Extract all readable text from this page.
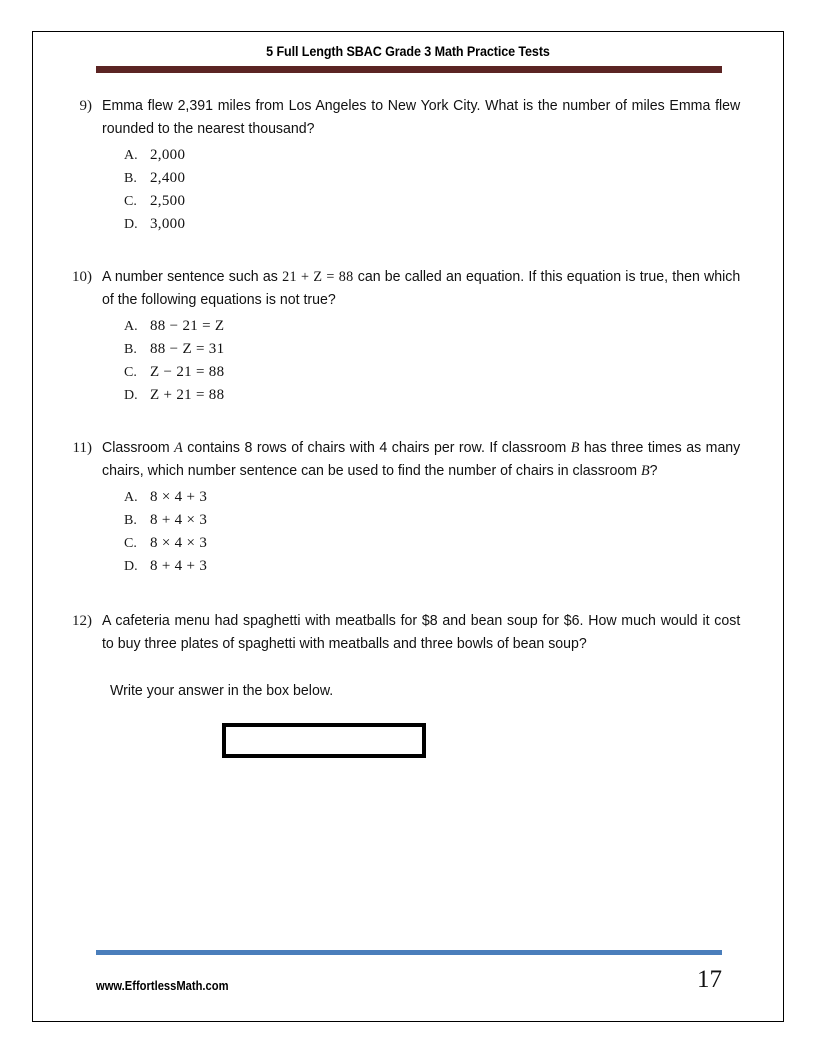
5 Full Length SBAC Grade 3 Math Practice Tests
9) Emma flew 2,391 miles from Los Angeles to New York City. What is the number of miles Emma flew rounded to the nearest thousand?
A. 2,000
B. 2,400
C. 2,500
D. 3,000
10) A number sentence such as 21 + Z = 88 can be called an equation. If this equation is true, then which of the following equations is not true?
A. 88 − 21 = Z
B. 88 − Z = 31
C. Z − 21 = 88
D. Z + 21 = 88
11) Classroom A contains 8 rows of chairs with 4 chairs per row. If classroom B has three times as many chairs, which number sentence can be used to find the number of chairs in classroom B?
A. 8 × 4 + 3
B. 8 + 4 × 3
C. 8 × 4 × 3
D. 8 + 4 + 3
12) A cafeteria menu had spaghetti with meatballs for $8 and bean soup for $6. How much would it cost to buy three plates of spaghetti with meatballs and three bowls of bean soup?
Write your answer in the box below.
www.EffortlessMath.com	17
